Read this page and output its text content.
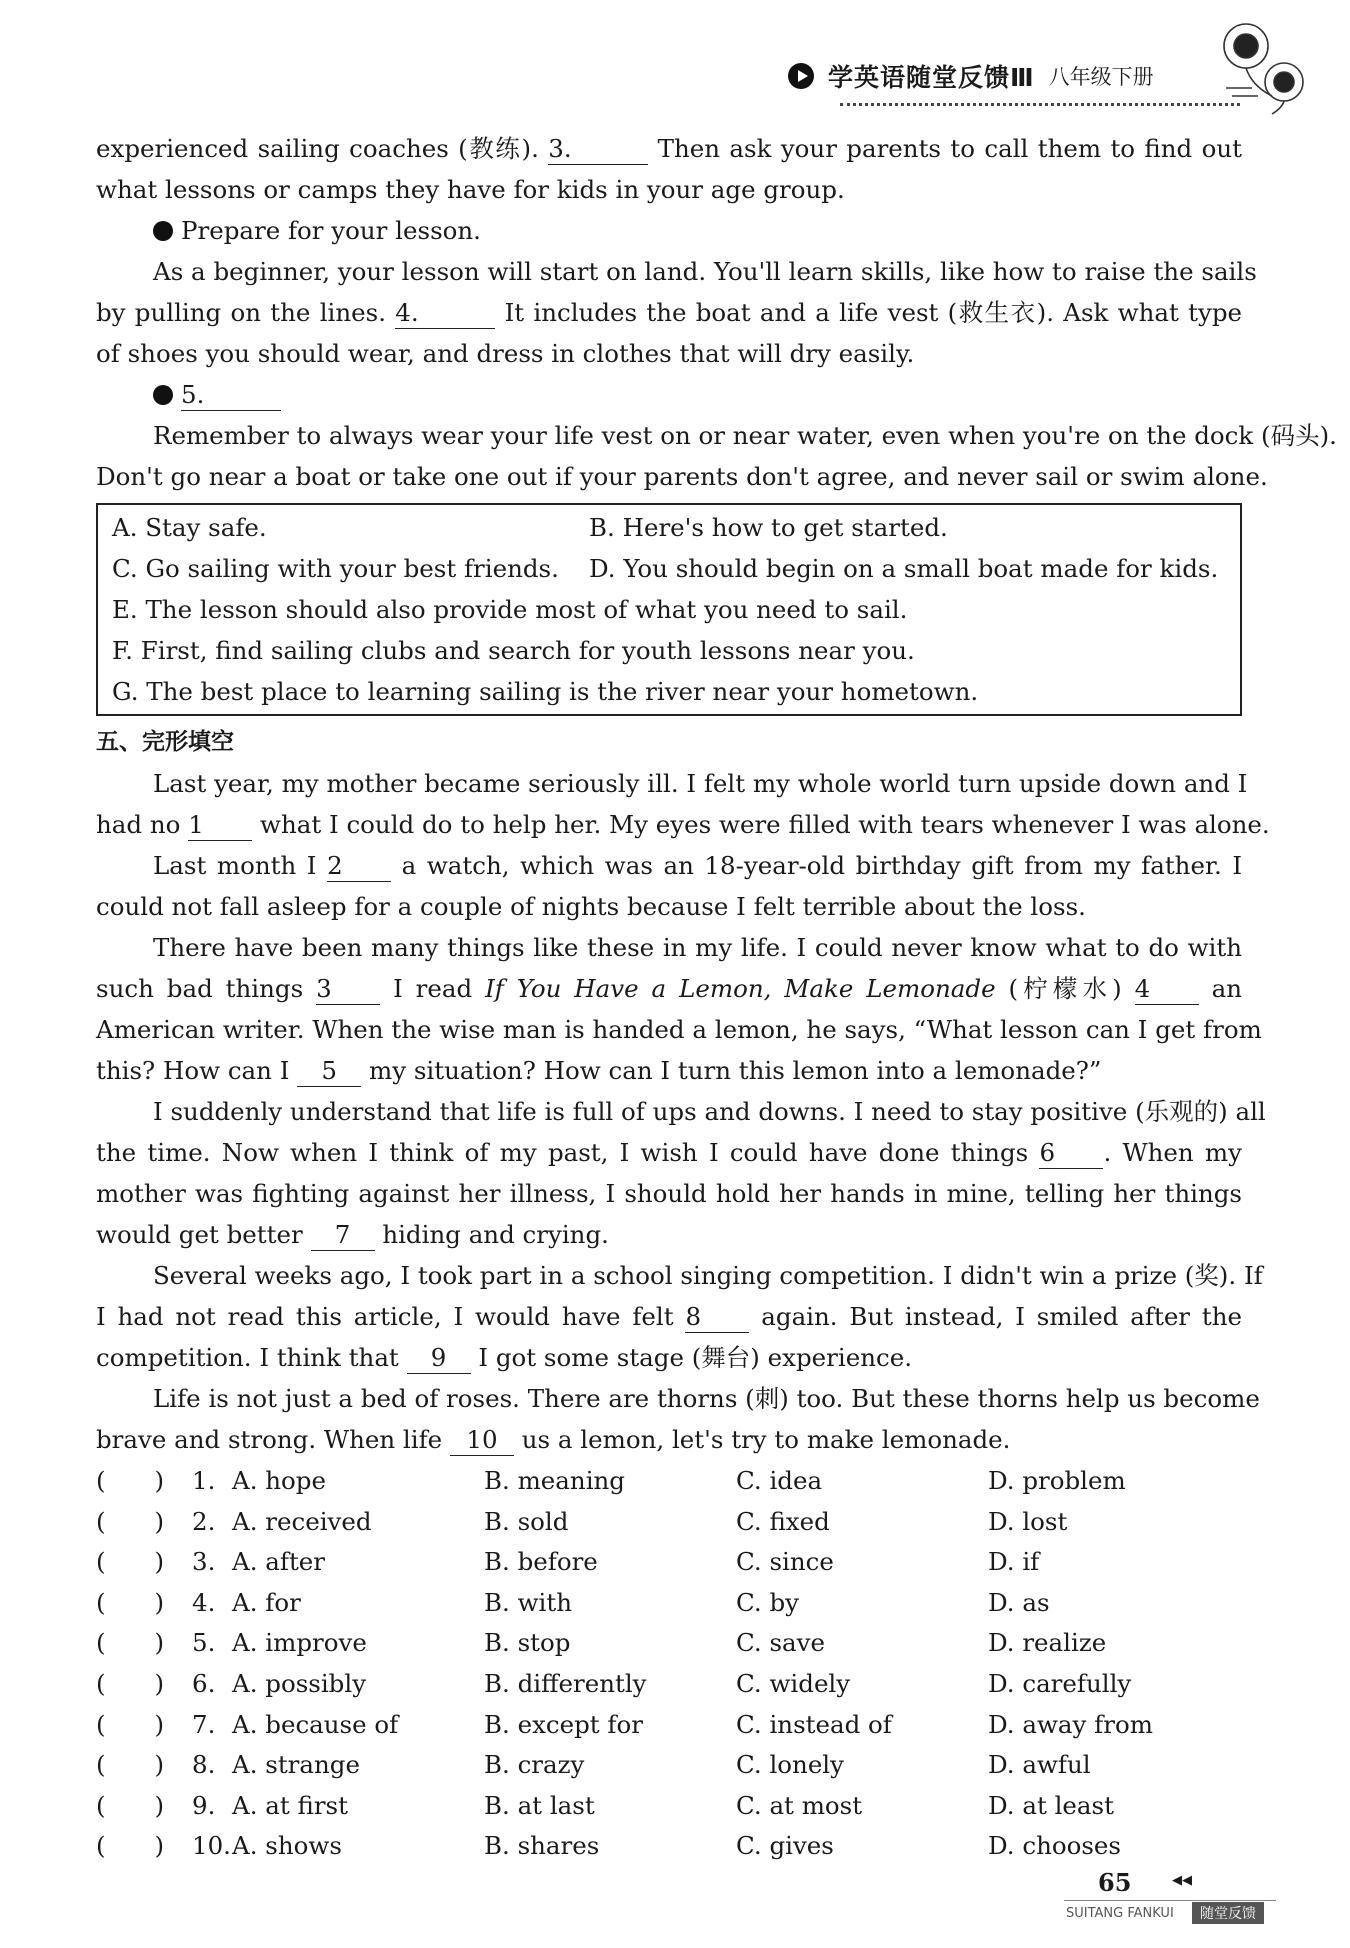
学英语随堂反馈Ⅲ 八年级下册
experienced sailing coaches (教练). 3.	Then ask your parents to call them to find out
what lessons or camps they have for kids in your age group.
Prepare for your lesson.
As a beginner, your lesson will start on land. You'll learn skills, like how to raise the sails
by pulling on the lines. 4.	It includes the boat and a life vest (救生衣). Ask what type
of shoes you should wear, and dress in clothes that will dry easily.
5.
Remember to always wear your life vest on or near water, even when you're on the dock (码头).
Don't go near a boat or take one out if your parents don't agree, and never sail or swim alone.
A. Stay safe.	B. Here's how to get started.
C. Go sailing with your best friends. D. You should begin on a small boat made for kids.
E. The lesson should also provide most of what you need to sail.
F. First, find sailing clubs and search for youth lessons near you.
G. The best place to learning sailing is the river near your hometown.
五、完形填空
Last year, my mother became seriously ill. I felt my whole world turn upside down and I
had no 1 what I could do to help her. My eyes were filled with tears whenever I was alone.
Last month I 2 a watch, which was an 18-year-old birthday gift from my father. I
could not fall asleep for a couple of nights because I felt terrible about the loss.
There have been many things like these in my life. I could never know what to do with
such bad things 3	I read If You Have a Lemon, Make Lemonade (柠檬水) 4	an
American writer. When the wise man is handed a lemon, he says, “What lesson can I get from
this? How can I 5 my situation? How can I turn this lemon into a lemonade?”
I suddenly understand that life is full of ups and downs. I need to stay positive (乐观的) all
the time. Now when I think of my past, I wish I could have done things 6 . When my
mother was fighting against her illness, I should hold her hands in mine, telling her things
would get better 7 hiding and crying.
Several weeks ago, I took part in a school singing competition. I didn't win a prize (奖). If
I had not read this article, I would have felt 8 again. But instead, I smiled after the
competition. I think that 9 I got some stage (舞台) experience.
Life is not just a bed of roses. There are thorns (刺) too. But these thorns help us become
brave and strong. When life 10 us a lemon, let's try to make lemonade.
(　　)	1. A. hope	B. meaning	C. idea	D. problem
(　　)	2. A. received	B. sold	C. fixed	D. lost
(　　)	3. A. after	B. before	C. since	D. if
(　　)	4. A. for	B. with	C. by	D. as
(　　)	5. A. improve	B. stop	C. save	D. realize
(　　)	6. A. possibly	B. differently	C. widely	D. carefully
(　　)	7. A. because of	B. except for	C. instead of	D. away from
(　　)	8. A. strange	B. crazy	C. lonely	D. awful
(　　)	9. A. at first	B. at last	C. at most	D. at least
(　　)	10. A. shows	B. shares	C. gives	D. chooses
65	◀◀
SUITANG FANKUI	随堂反馈
